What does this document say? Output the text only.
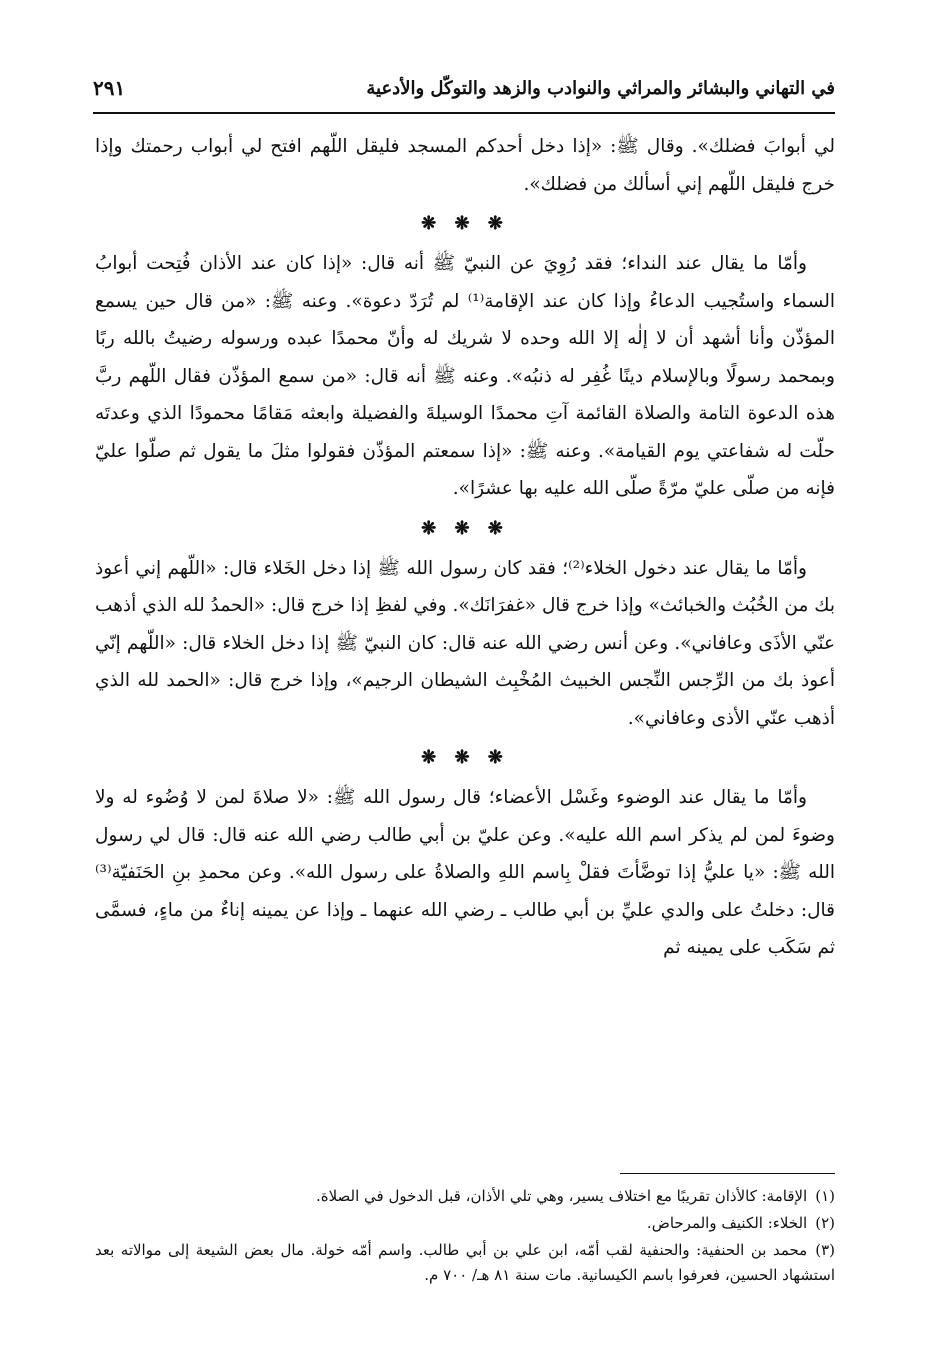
في التهاني والبشائر والمراثي والنوادب والزهد والتوكّل والأدعية
٢٩١

لي أبوابَ فضلك». وقال ﷺ: «إذا دخل أحدكم المسجد فليقل اللّهم افتح لي أبواب رحمتك وإذا خرج فليقل اللّهم إني أسألك من فضلك».

❋ ❋ ❋

وأمّا ما يقال عند النداء؛ فقد رُوِيَ عن النبيّ ﷺ أنه قال: «إذا كان عند الأذان فُتِحت أبوابُ السماء واستُجيب الدعاءُ وإذا كان عند الإقامة⁽¹⁾ لم تُرَدّ دعوة». وعنه ﷺ: «من قال حين يسمع المؤذّن وأنا أشهد أن لا إلٰه إلا الله وحده لا شريك له وأنّ محمدًا عبده ورسوله رضيتُ بالله ربًا وبمحمد رسولًا وبالإسلام دينًا غُفِر له ذنبُه». وعنه ﷺ أنه قال: «من سمع المؤذّن فقال اللّهم ربَّ هذه الدعوة التامة والصلاة القائمة آتِ محمدًا الوسيلةَ والفضيلة وابعثه مَقامًا محمودًا الذي وعدتَه حلّت له شفاعتي يوم القيامة». وعنه ﷺ: «إذا سمعتم المؤذّن فقولوا مثلَ ما يقول ثم صلّوا عليّ فإنه من صلّى عليّ مرّةً صلّى الله عليه بها عشرًا».

❋ ❋ ❋

وأمّا ما يقال عند دخول الخلاء⁽²⁾؛ فقد كان رسول الله ﷺ إذا دخل الخَلاء قال: «اللّهم إني أعوذ بك من الخُبُث والخبائث» وإذا خرج قال «غفرَانَك». وفي لفظِ إذا خرج قال: «الحمدُ لله الذي أذهب عنّي الأذَى وعافاني». وعن أنس رضي الله عنه قال: كان النبيّ ﷺ إذا دخل الخلاء قال: «اللّهم إنّي أعوذ بك من الرِّجس النِّجس الخبيث المُخْبِث الشيطان الرجيم»، وإذا خرج قال: «الحمد لله الذي أذهب عنّي الأذى وعافاني».

❋ ❋ ❋

وأمّا ما يقال عند الوضوء وغَسْل الأعضاء؛ قال رسول الله ﷺ: «لا صلاةَ لمن لا وُضُوء له ولا وضوءَ لمن لم يذكر اسم الله عليه». وعن عليّ بن أبي طالب رضي الله عنه قال: قال لي رسول الله ﷺ: «يا عليُّ إذا توضَّأتَ فقلْ بِاسم اللهِ والصلاةُ على رسول الله». وعن محمدِ بنِ الحَنَفيّة⁽³⁾ قال: دخلتُ على والدي عليِّ بن أبي طالب ـ رضي الله عنهما ـ وإذا عن يمينه إناءٌ من ماءٍ، فسمَّى ثم سَكَب على يمينه ثم

(١)الإقامة: كالأذان تقريبًا مع اختلاف يسير، وهي تلي الأذان، قبل الدخول في الصلاة.

(٢)الخلاء: الكنيف والمرحاض.

(٣)محمد بن الحنفية: والحنفية لقب أمّه، ابن علي بن أبي طالب. واسم أمّه خولة. مال بعض الشيعة إلى موالاته بعد استشهاد الحسين، فعرفوا باسم الكيسانية. مات سنة ٨١ هـ/ ٧٠٠ م.
